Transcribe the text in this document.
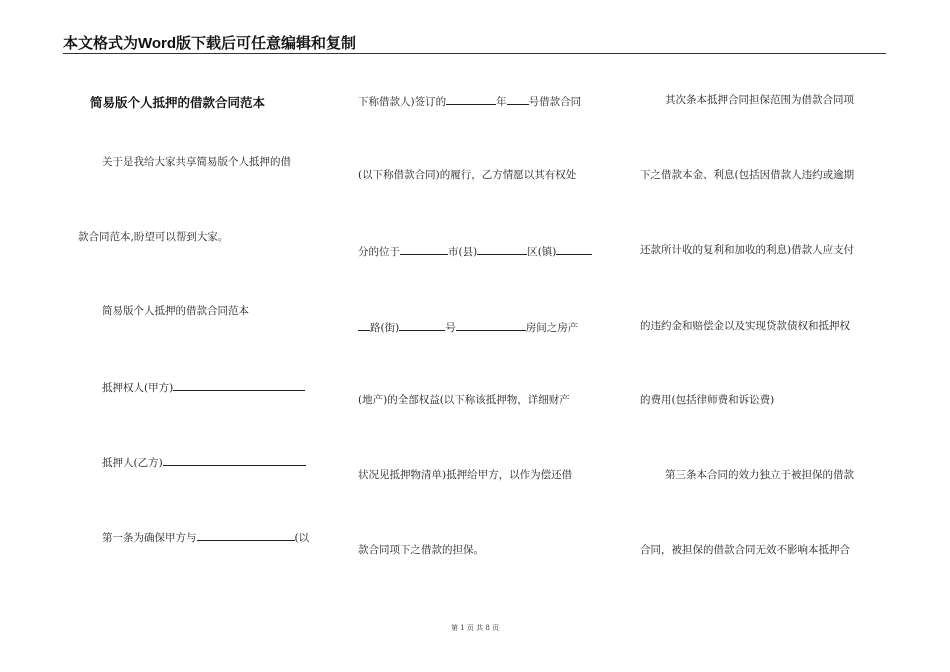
本文格式为Word版下载后可任意编辑和复制
简易版个人抵押的借款合同范本
关于是我给大家共享简易版个人抵押的借
款合同范本,盼望可以帮到大家。
简易版个人抵押的借款合同范本
抵押权人(甲方)
抵押人(乙方)
第一条为确保甲方与	(以
下称借款人)签订的	年 号借款合同
(以下称借款合同)的履行，乙方情愿以其有权处
分的位于	市(县)	区(镇)
路(街)	号	房间之房产
(地产)的全部权益(以下称该抵押物，详细财产
状况见抵押物清单)抵押给甲方，以作为偿还借
款合同项下之借款的担保。
其次条本抵押合同担保范围为借款合同项
下之借款本金、利息(包括因借款人违约或逾期
还款所计收的复利和加收的利息)借款人应支付
的违约金和赔偿金以及实现贷款债权和抵押权
的费用(包括律师费和诉讼费)
第三条本合同的效力独立于被担保的借款
合同，被担保的借款合同无效不影响本抵押合
第 1 页 共 8 页
